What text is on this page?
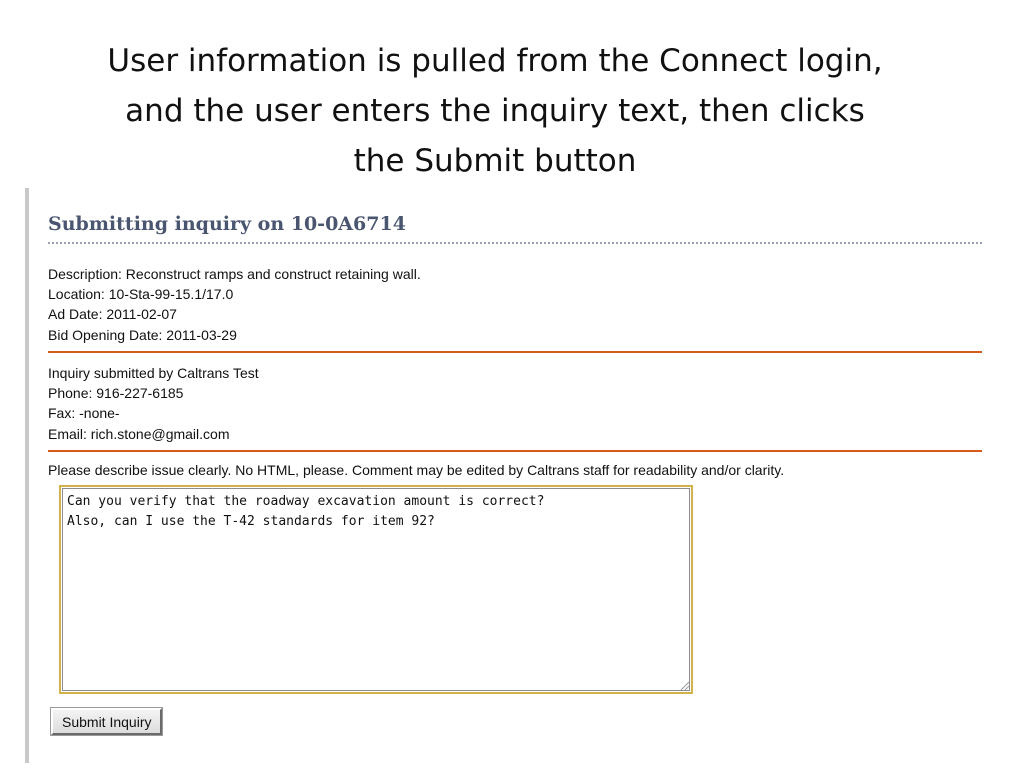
User information is pulled from the Connect login,
and the user enters the inquiry text, then clicks
the Submit button
Submitting inquiry on 10-0A6714
Description: Reconstruct ramps and construct retaining wall.
Location: 10-Sta-99-15.1/17.0
Ad Date: 2011-02-07
Bid Opening Date: 2011-03-29
Inquiry submitted by Caltrans Test
Phone: 916-227-6185
Fax: -none-
Email: rich.stone@gmail.com
Please describe issue clearly. No HTML, please. Comment may be edited by Caltrans staff for readability and/or clarity.
Can you verify that the roadway excavation amount is correct? Also, can I use the T-42 standards for item 92?
Submit Inquiry
